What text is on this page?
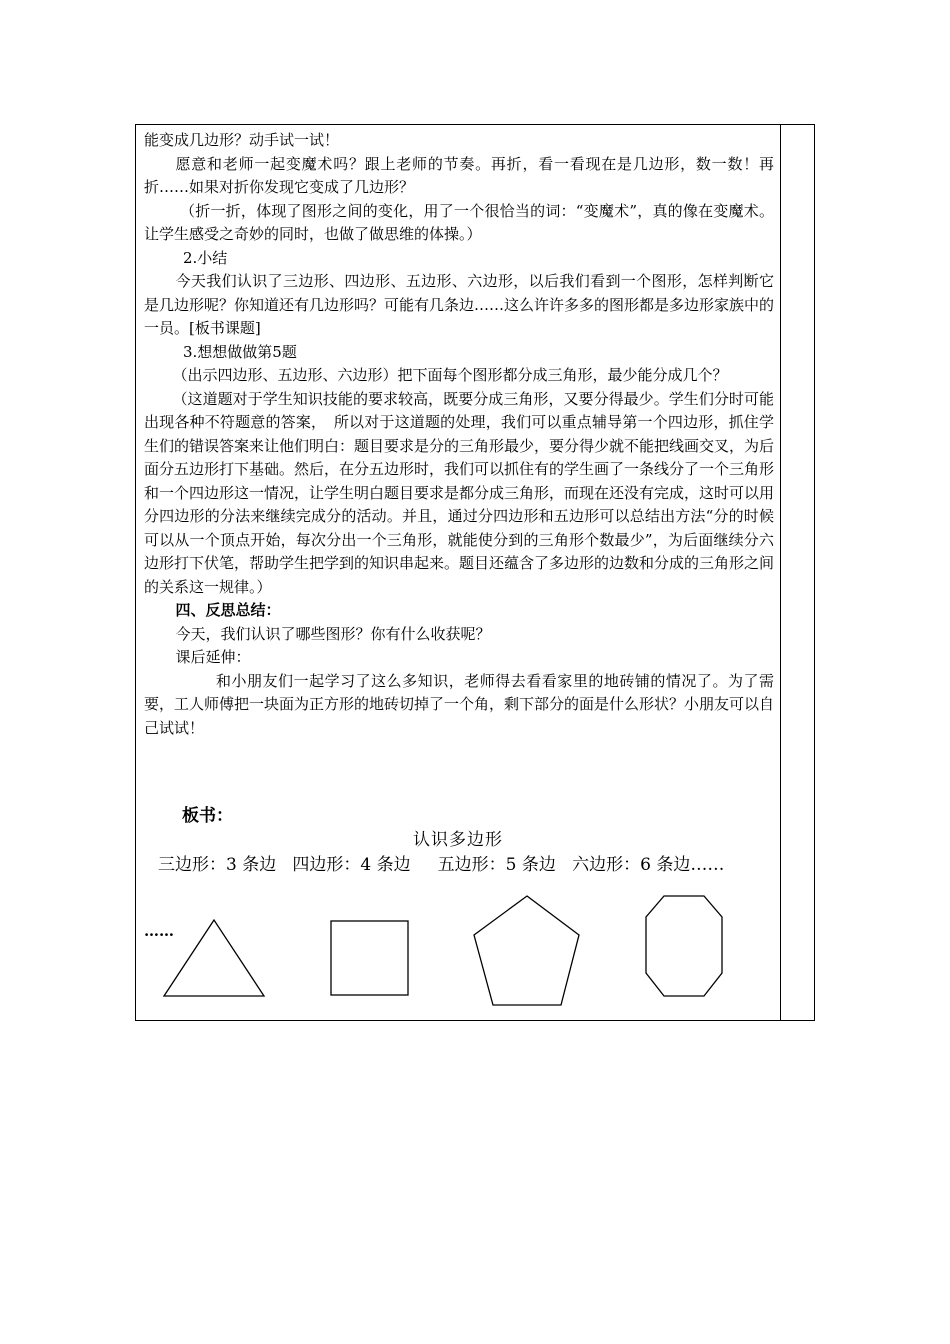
能变成几边形？动手试一试！

愿意和老师一起变魔术吗？跟上老师的节奏。再折，看一看现在是几边形，数一数！再折……如果对折你发现它变成了几边形？

（折一折，体现了图形之间的变化，用了一个很恰当的词：“变魔术”，真的像在变魔术。让学生感受之奇妙的同时，也做了做思维的体操。）

2.小结

今天我们认识了三边形、四边形、五边形、六边形，以后我们看到一个图形，怎样判断它是几边形呢？你知道还有几边形吗？可能有几条边……这么许许多多的图形都是多边形家族中的一员。[板书课题]

3.想想做做第5题

（出示四边形、五边形、六边形）把下面每个图形都分成三角形，最少能分成几个？

（这道题对于学生知识技能的要求较高，既要分成三角形，又要分得最少。学生们分时可能出现各种不符题意的答案，　所以对于这道题的处理，我们可以重点辅导第一个四边形，抓住学生们的错误答案来让他们明白：题目要求是分的三角形最少，要分得少就不能把线画交叉，为后面分五边形打下基础。然后，在分五边形时，我们可以抓住有的学生画了一条线分了一个三角形和一个四边形这一情况，让学生明白题目要求是都分成三角形，而现在还没有完成，这时可以用分四边形的分法来继续完成分的活动。并且，通过分四边形和五边形可以总结出方法“分的时候可以从一个顶点开始，每次分出一个三角形，就能使分到的三角形个数最少”，为后面继续分六边形打下伏笔，帮助学生把学到的知识串起来。题目还蕴含了多边形的边数和分成的三角形之间的关系这一规律。）

四、反思总结：

今天，我们认识了哪些图形？你有什么收获呢？

课后延伸：

和小朋友们一起学习了这么多知识，老师得去看看家里的地砖铺的情况了。为了需要，工人师傅把一块面为正方形的地砖切掉了一个角，剩下部分的面是什么形状？小朋友可以自己试试！

板书：
认识多边形
三边形：3 条边   四边形：4 条边     五边形：5 条边   六边形：6 条边……
……
